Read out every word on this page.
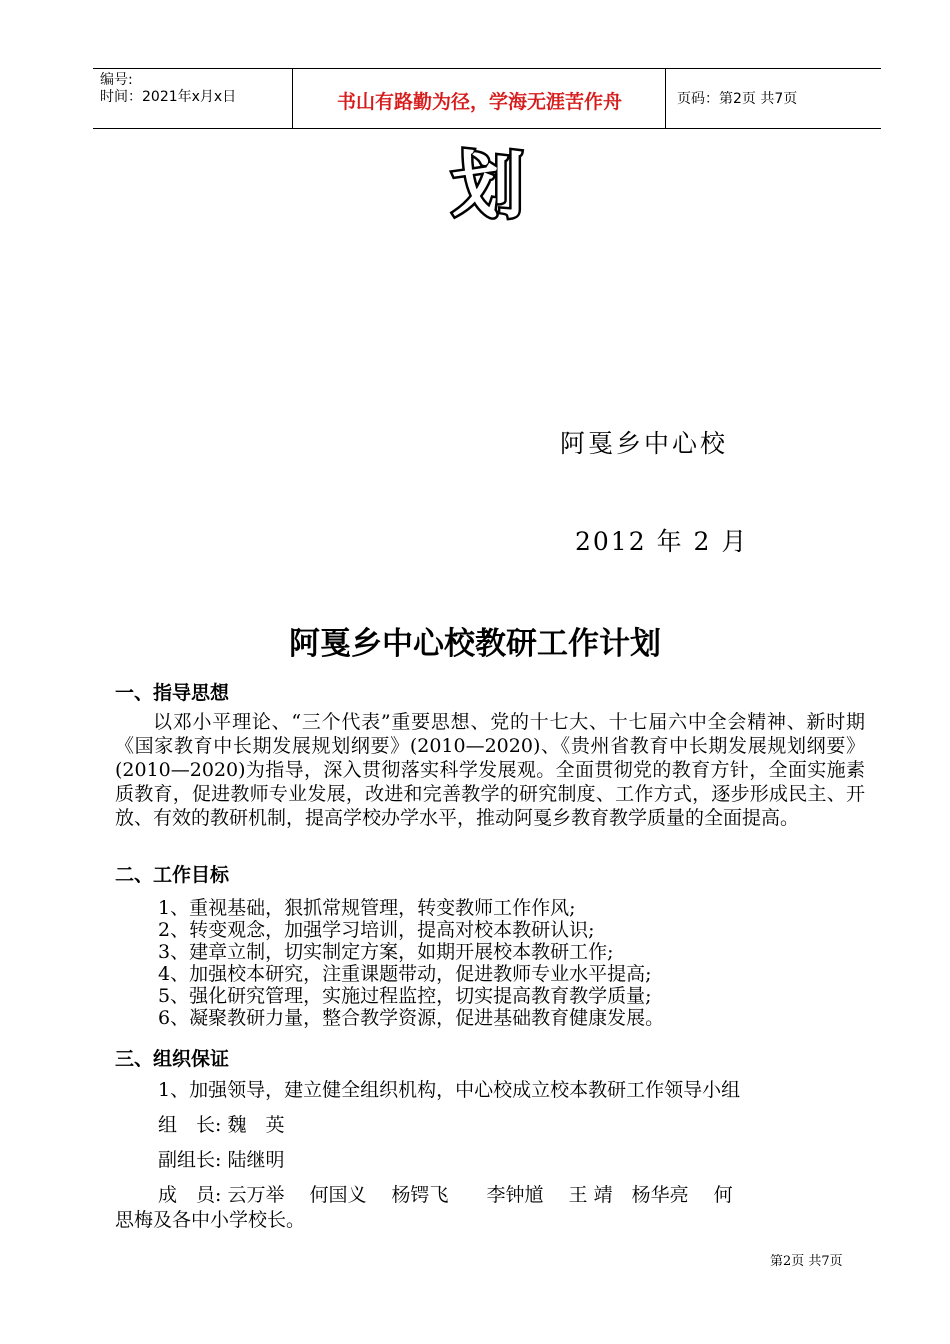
编号:
时间：2021年x月x日	书山有路勤为径，学海无涯苦作舟	页码：第2页 共7页
划
阿戛乡中心校
2012 年 2 月
阿戛乡中心校教研工作计划
一、指导思想
以邓小平理论、“三个代表”重要思想、党的十七大、十七届六中全会精神、新时期《国家教育中长期发展规划纲要》(2010—2020)、《贵州省教育中长期发展规划纲要》(2010—2020)为指导，深入贯彻落实科学发展观。全面贯彻党的教育方针，全面实施素质教育，促进教师专业发展，改进和完善教学的研究制度、工作方式，逐步形成民主、开放、有效的教研机制，提高学校办学水平，推动阿戛乡教育教学质量的全面提高。
二、工作目标
1、重视基础，狠抓常规管理，转变教师工作作风;
2、转变观念，加强学习培训，提高对校本教研认识;
3、建章立制，切实制定方案，如期开展校本教研工作;
4、加强校本研究，注重课题带动，促进教师专业水平提高;
5、强化研究管理，实施过程监控，切实提高教育教学质量;
6、凝聚教研力量，整合教学资源，促进基础教育健康发展。
三、组织保证
1、加强领导，建立健全组织机构，中心校成立校本教研工作领导小组
组　长: 魏　英
副组长: 陆继明
成　员: 云万举　 何国义　 杨锷飞　　李钟馗　 王 靖　杨华亮　 何
思梅及各中小学校长。
第2页 共7页
